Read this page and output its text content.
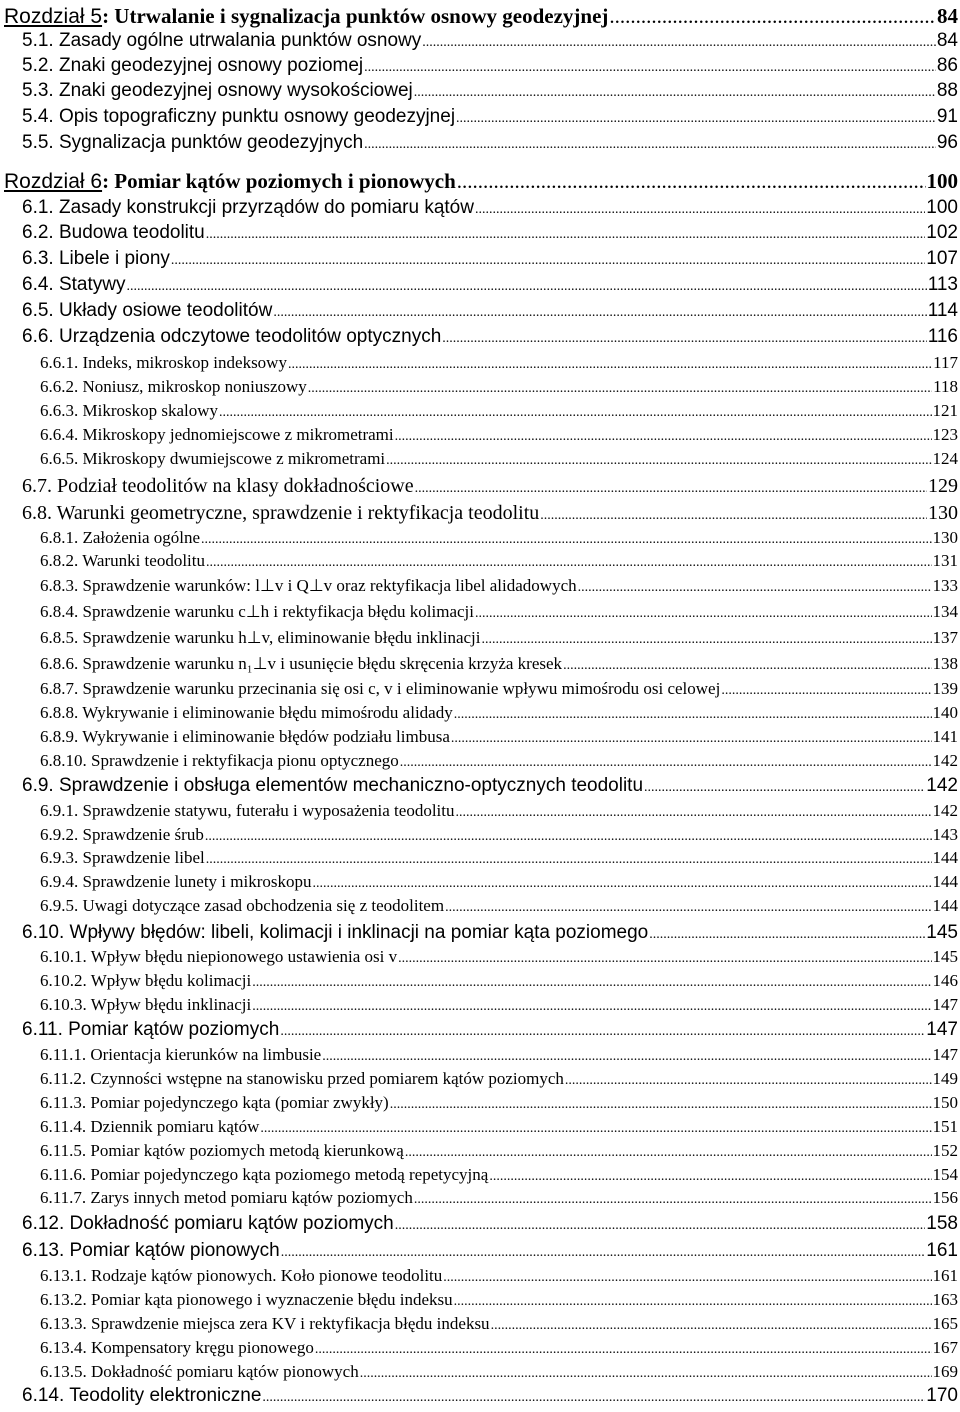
Rozdział 5: Utrwalanie i sygnalizacja punktów osnowy geodezyjnej .....	84
5.1. Zasady ogólne utrwalania punktów osnowy .....	84
5.2. Znaki geodezyjnej osnowy poziomej .....	86
5.3. Znaki geodezyjnej osnowy wysokościowej .....	88
5.4. Opis topograficzny punktu osnowy geodezyjnej .....	91
5.5. Sygnalizacja punktów geodezyjnych .....	96
Rozdział 6: Pomiar kątów poziomych i pionowych .....	100
6.1. Zasady konstrukcji przyrządów do pomiaru kątów .....	100
6.2. Budowa teodolitu .....	102
6.3. Libele i piony .....	107
6.4. Statywy .....	113
6.5. Układy osiowe teodolitów .....	114
6.6. Urządzenia odczytowe teodolitów optycznych .....	116
6.6.1. Indeks, mikroskop indeksowy .....	117
6.6.2. Noniusz, mikroskop noniuszowy .....	118
6.6.3. Mikroskop skalowy .....	121
6.6.4. Mikroskopy jednomiejscowe z mikrometrami .....	123
6.6.5. Mikroskopy dwumiejscowe z mikrometrami .....	124
6.7. Podział teodolitów na klasy dokładnościowe .....	129
6.8. Warunki geometryczne, sprawdzenie i rektyfikacja teodolitu .....	130
6.8.1. Założenia ogólne .....	130
6.8.2. Warunki teodolitu .....	131
6.8.3. Sprawdzenie warunków: l⊥v i Q⊥v oraz rektyfikacja libel alidadowych .....	133
6.8.4. Sprawdzenie warunku c⊥h i rektyfikacja błędu kolimacji .....	134
6.8.5. Sprawdzenie warunku h⊥v, eliminowanie błędu inklinacji .....	137
6.8.6. Sprawdzenie warunku n₁⊥v i usunięcie błędu skręcenia krzyża kresek .....	138
6.8.7. Sprawdzenie warunku przecinania się osi c, v i eliminowanie wpływu mimośrodu osi celowej .....	139
6.8.8. Wykrywanie i eliminowanie błędu mimośrodu alidady .....	140
6.8.9. Wykrywanie i eliminowanie błędów podziału limbusa .....	141
6.8.10. Sprawdzenie i rektyfikacja pionu optycznego .....	142
6.9. Sprawdzenie i obsługa elementów mechaniczno-optycznych teodolitu .....	142
6.9.1. Sprawdzenie statywu, futerału i wyposażenia teodolitu .....	142
6.9.2. Sprawdzenie śrub .....	143
6.9.3. Sprawdzenie libel .....	144
6.9.4. Sprawdzenie lunety i mikroskopu .....	144
6.9.5. Uwagi dotyczące zasad obchodzenia się z teodolitem .....	144
6.10. Wpływy błędów: libeli, kolimacji i inklinacji na pomiar kąta poziomego .....	145
6.10.1. Wpływ błędu niepionowego ustawienia osi v .....	145
6.10.2. Wpływ błędu kolimacji .....	146
6.10.3. Wpływ błędu inklinacji .....	147
6.11. Pomiar kątów poziomych .....	147
6.11.1. Orientacja kierunków na limbusie .....	147
6.11.2. Czynności wstępne na stanowisku przed pomiarem kątów poziomych .....	149
6.11.3. Pomiar pojedynczego kąta (pomiar zwykły) .....	150
6.11.4. Dziennik pomiaru kątów .....	151
6.11.5. Pomiar kątów poziomych metodą kierunkową .....	152
6.11.6. Pomiar pojedynczego kąta poziomego metodą repetycyjną .....	154
6.11.7. Zarys innych metod pomiaru kątów poziomych .....	156
6.12. Dokładność pomiaru kątów poziomych .....	158
6.13. Pomiar kątów pionowych .....	161
6.13.1. Rodzaje kątów pionowych. Koło pionowe teodolitu .....	161
6.13.2. Pomiar kąta pionowego i wyznaczenie błędu indeksu .....	163
6.13.3. Sprawdzenie miejsca zera KV i rektyfikacja błędu indeksu .....	165
6.13.4. Kompensatory kręgu pionowego .....	167
6.13.5. Dokładność pomiaru kątów pionowych .....	169
6.14. Teodolity elektroniczne .....	170
